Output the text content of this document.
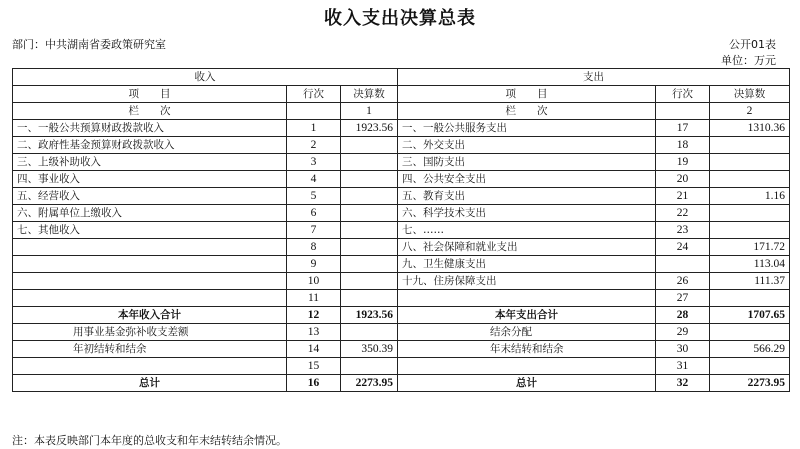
收入支出决算总表
部门：中共湖南省委政策研究室	公开01表
单位：万元
收入			支出		
项　　目	行次	决算数	项　　目	行次	决算数
栏　　次		1	栏　　次		2
一、一般公共预算财政拨款收入	1	1923.56	一、一般公共服务支出	17	1310.36
二、政府性基金预算财政拨款收入	2		二、外交支出	18	
三、上级补助收入	3		三、国防支出	19	
四、事业收入	4		四、公共安全支出	20	
五、经营收入	5		五、教育支出	21	1.16
六、附属单位上缴收入	6		六、科学技术支出	22	
七、其他收入	7		七、……	23	
	8		八、社会保障和就业支出	24	171.72
	9		九、卫生健康支出		113.04
	10		十九、住房保障支出	26	111.37
	11			27	
本年收入合计	12	1923.56	本年支出合计	28	1707.65
用事业基金弥补收支差额	13		结余分配	29	
年初结转和结余	14	350.39	年末结转和结余	30	566.29
	15			31	
总计	16	2273.95	总计	32	2273.95
注：本表反映部门本年度的总收支和年末结转结余情况。
